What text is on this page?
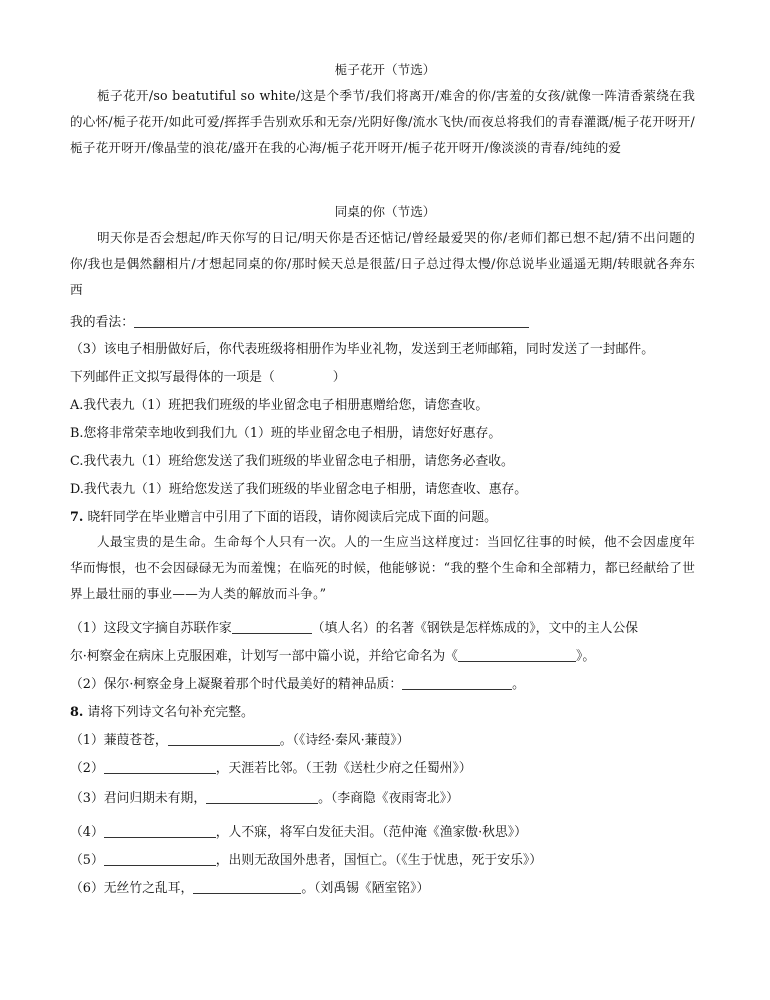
栀子花开（节选）
栀子花开/so beatutiful so white/这是个季节/我们将离开/难舍的你/害羞的女孩/就像一阵清香萦绕在我的心怀/栀子花开/如此可爱/挥挥手告别欢乐和无奈/光阴好像/流水飞快/而夜总将我们的青春灌溉/栀子花开呀开/栀子花开呀开/像晶莹的浪花/盛开在我的心海/栀子花开呀开/栀子花开呀开/像淡淡的青春/纯纯的爱
同桌的你（节选）
明天你是否会想起/昨天你写的日记/明天你是否还惦记/曾经最爱哭的你/老师们都已想不起/猜不出问题的你/我也是偶然翻相片/才想起同桌的你/那时候天总是很蓝/日子总过得太慢/你总说毕业遥遥无期/转眼就各奔东西
我的看法：
（3）该电子相册做好后，你代表班级将相册作为毕业礼物，发送到王老师邮箱，同时发送了一封邮件。
下列邮件正文拟写最得体的一项是（	）
A.我代表九（1）班把我们班级的毕业留念电子相册惠赠给您，请您查收。
B.您将非常荣幸地收到我们九（1）班的毕业留念电子相册，请您好好惠存。
C.我代表九（1）班给您发送了我们班级的毕业留念电子相册，请您务必查收。
D.我代表九（1）班给您发送了我们班级的毕业留念电子相册，请您查收、惠存。
7. 晓轩同学在毕业赠言中引用了下面的语段，请你阅读后完成下面的问题。
人最宝贵的是生命。生命每个人只有一次。人的一生应当这样度过：当回忆往事的时候，他不会因虚度年华而悔恨，也不会因碌碌无为而羞愧；在临死的时候，他能够说：“我的整个生命和全部精力，都已经献给了世界上最壮丽的事业——为人类的解放而斗争。”
（1）这段文字摘自苏联作家	（填人名）的名著《钢铁是怎样炼成的》，文中的主人公保
尔·柯察金在病床上克服困难，计划写一部中篇小说，并给它命名为《	》。
（2）保尔·柯察金身上凝聚着那个时代最美好的精神品质：	。
8. 请将下列诗文名句补充完整。
（1）蒹葭苍苍，	。（《诗经·秦风·蒹葭》）
（2）	，天涯若比邻。（王勃《送杜少府之任蜀州》）
（3）君问归期未有期，	。（李商隐《夜雨寄北》）
（4）	，人不寐，将军白发征夫泪。（范仲淹《渔家傲·秋思》）
（5）	，出则无敌国外患者，国恒亡。（《生于忧患，死于安乐》）
（6）无丝竹之乱耳，	。（刘禹锡《陋室铭》）
